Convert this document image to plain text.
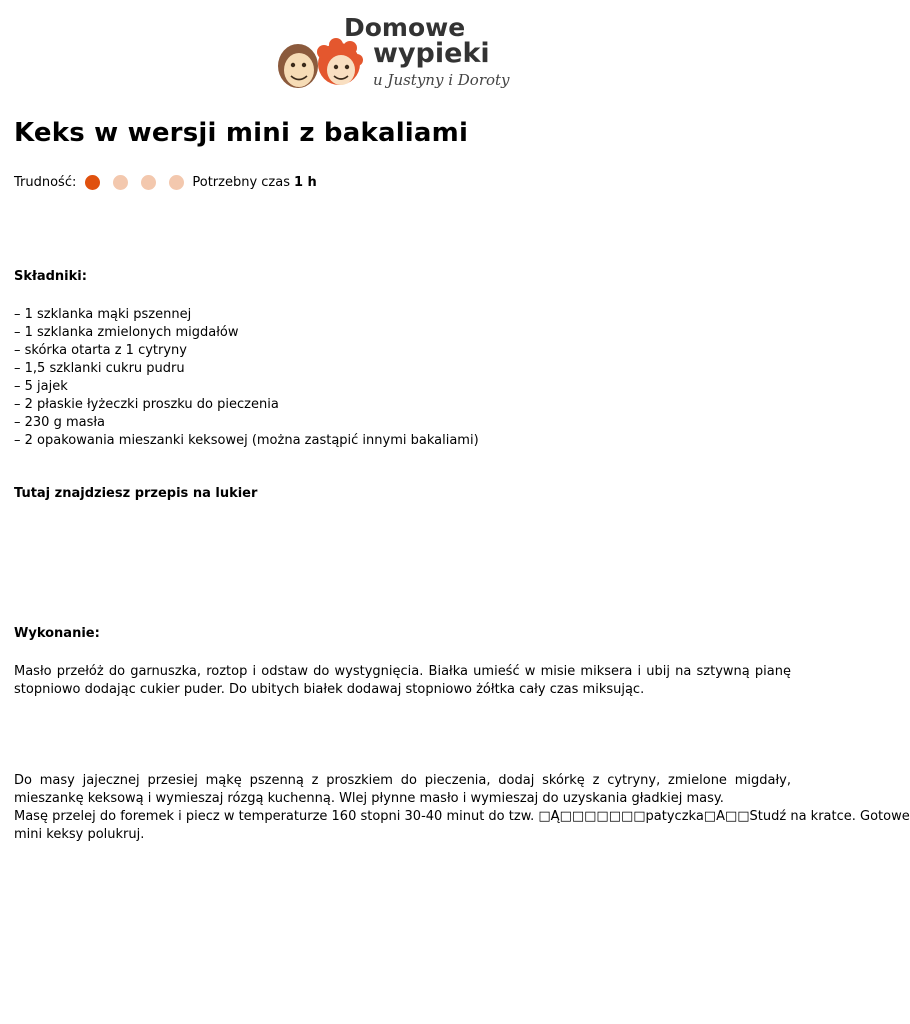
Domowe
wypieki
u Justyny i Doroty
Keks w wersji mini z bakaliami
Trudność:	Potrzebny czas 1 h

Składniki:

– 1 szklanka mąki pszennej
– 1 szklanka zmielonych migdałów
– skórka otarta z 1 cytryny
– 1,5 szklanki cukru pudru
– 5 jajek
– 2 płaskie łyżeczki proszku do pieczenia
– 230 g masła
– 2 opakowania mieszanki keksowej (można zastąpić innymi bakaliami)
Tutaj znajdziesz przepis na lukier

Wykonanie:

Masło przełóż do garnuszka, roztop i odstaw do wystygnięcia. Białka umieść w misie miksera i ubij na sztywną pianę stopniowo dodając cukier puder. Do ubitych białek dodawaj stopniowo żółtka cały czas miksując.

Do masy jajecznej przesiej mąkę pszenną z proszkiem do pieczenia, dodaj skórkę z cytryny, zmielone migdały, mieszankę keksową i wymieszaj rózgą kuchenną. Wlej płynne masło i wymieszaj do uzyskania gładkiej masy.

Masę przelej do foremek i piecz w temperaturze 160 stopni 30-40 minut do tzw. □Ą□□□□□□□patyczka□A□□Studź na kratce. Gotowe

mini keksy polukruj.
